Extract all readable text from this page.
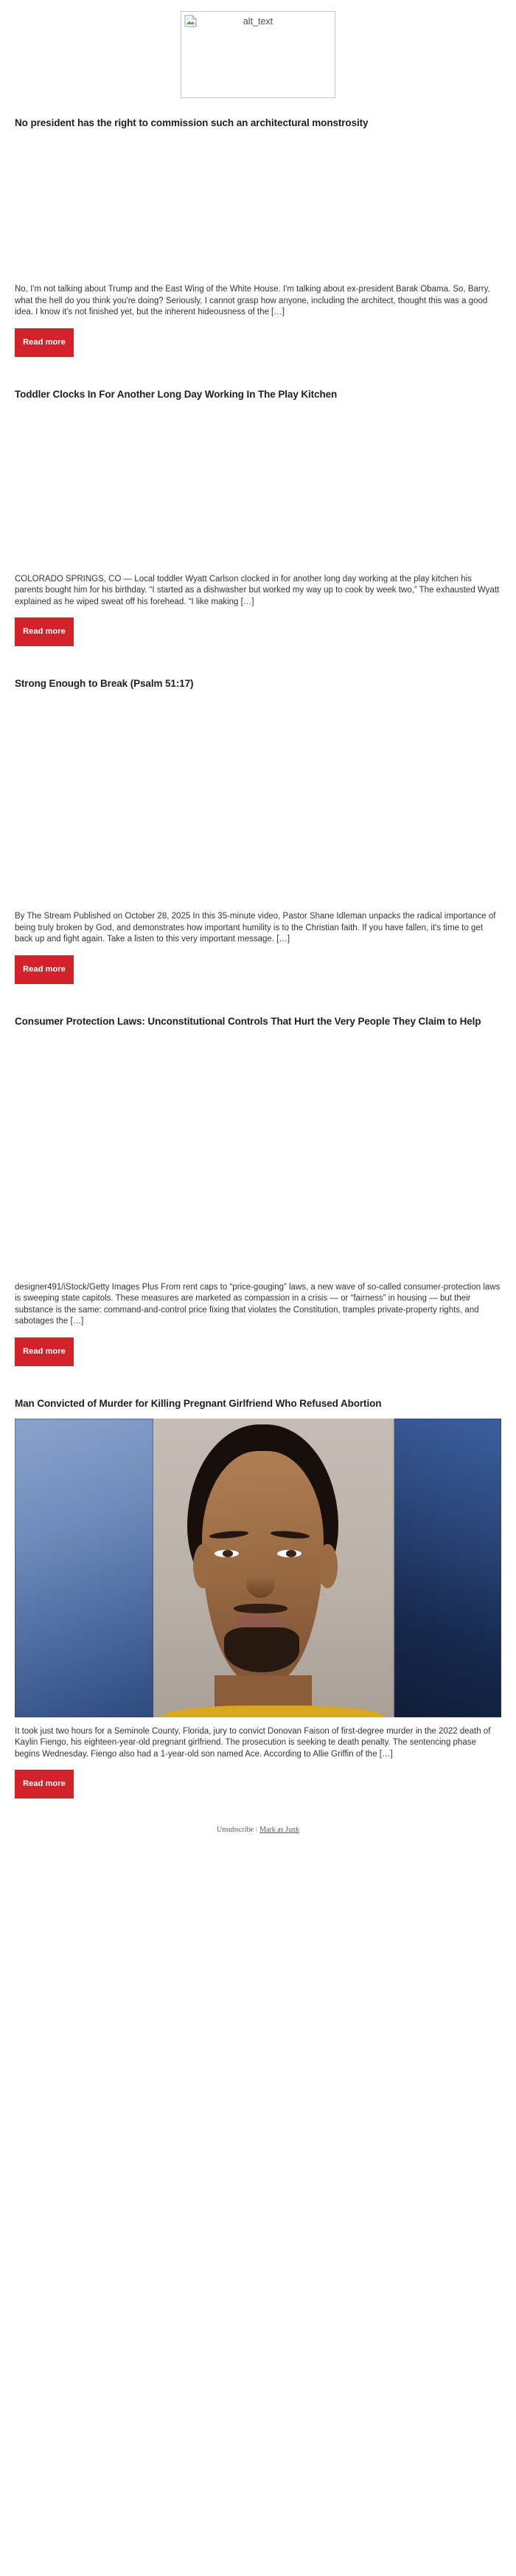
alt_text
No president has the right to commission such an architectural monstrosity

No, I'm not talking about Trump and the East Wing of the White House. I'm talking about ex-president Barak Obama. So, Barry, what the hell do you think you're doing? Seriously, I cannot grasp how anyone, including the architect, thought this was a good idea. I know it's not finished yet, but the inherent hideousness of the […]

Read more
Toddler Clocks In For Another Long Day Working In The Play Kitchen

COLORADO SPRINGS, CO — Local toddler Wyatt Carlson clocked in for another long day working at the play kitchen his parents bought him for his birthday. “I started as a dishwasher but worked my way up to cook by week two,” The exhausted Wyatt explained as he wiped sweat off his forehead. “I like making […]

Read more
Strong Enough to Break (Psalm 51:17)

By The Stream Published on October 28, 2025 In this 35-minute video, Pastor Shane Idleman unpacks the radical importance of being truly broken by God, and demonstrates how important humility is to the Christian faith. If you have fallen, it's time to get back up and fight again. Take a listen to this very important message. […]

Read more
Consumer Protection Laws: Unconstitutional Controls That Hurt the Very People They Claim to Help

designer491/iStock/Getty Images Plus From rent caps to “price-gouging” laws, a new wave of so-called consumer-protection laws is sweeping state capitols. These measures are marketed as compassion in a crisis — or “fairness” in housing — but their substance is the same: command-and-control price fixing that violates the Constitution, tramples private-property rights, and sabotages the […]

Read more
Man Convicted of Murder for Killing Pregnant Girlfriend Who Refused Abortion

It took just two hours for a Seminole County, Florida, jury to convict Donovan Faison of first-degree murder in the 2022 death of Kaylin Fiengo, his eighteen-year-old pregnant girlfriend. The prosecution is seeking te death penalty. The sentencing phase begins Wednesday. Fiengo also had a 1-year-old son named Ace. According to Allie Griffin of the […]

Read more
Unsubscribe | Mark as Junk
